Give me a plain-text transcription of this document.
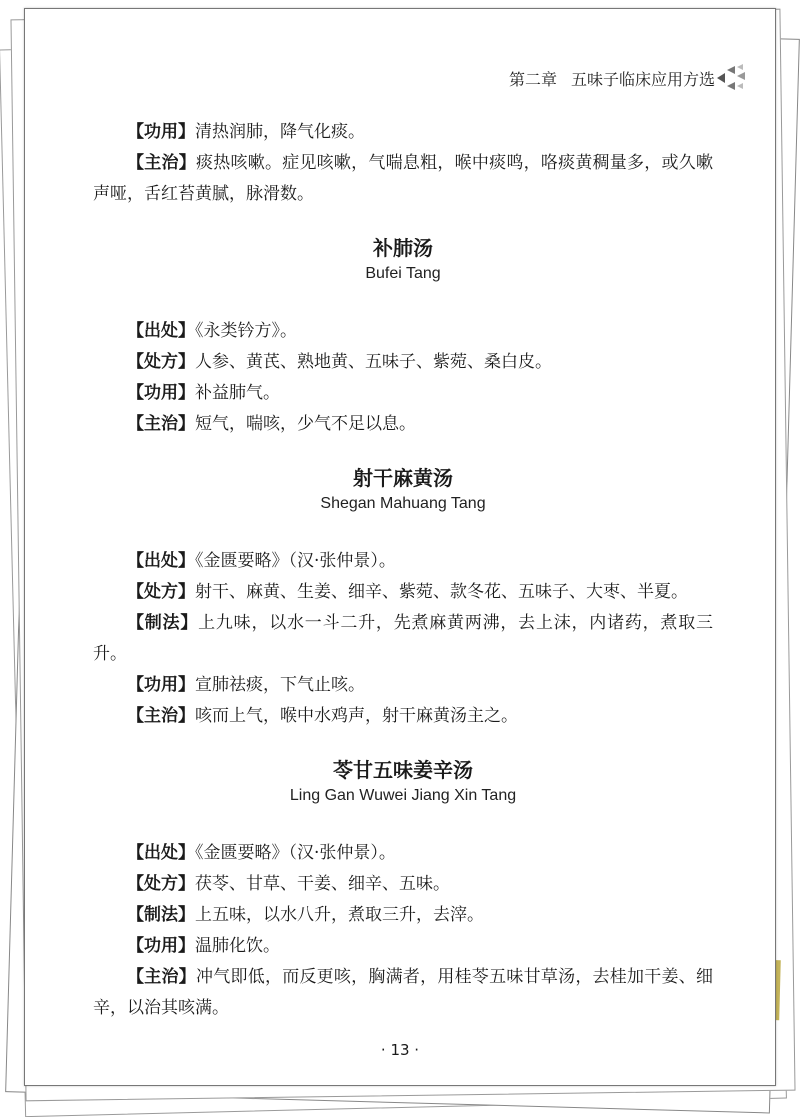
第二章 五味子临床应用方选

【功用】清热润肺，降气化痰。

【主治】痰热咳嗽。症见咳嗽，气喘息粗，喉中痰鸣，咯痰黄稠量多，或久嗽声哑，舌红苔黄腻，脉滑数。

补肺汤
Bufei Tang

【出处】《永类钤方》。

【处方】人参、黄芪、熟地黄、五味子、紫菀、桑白皮。

【功用】补益肺气。

【主治】短气，喘咳，少气不足以息。

射干麻黄汤
Shegan Mahuang Tang

【出处】《金匮要略》（汉·张仲景）。

【处方】射干、麻黄、生姜、细辛、紫菀、款冬花、五味子、大枣、半夏。

【制法】上九味，以水一斗二升，先煮麻黄两沸，去上沫，内诸药，煮取三升。

【功用】宣肺祛痰，下气止咳。

【主治】咳而上气，喉中水鸡声，射干麻黄汤主之。

苓甘五味姜辛汤
Ling Gan Wuwei Jiang Xin Tang

【出处】《金匮要略》（汉·张仲景）。

【处方】茯苓、甘草、干姜、细辛、五味。

【制法】上五味，以水八升，煮取三升，去滓。

【功用】温肺化饮。

【主治】冲气即低，而反更咳，胸满者，用桂苓五味甘草汤，去桂加干姜、细辛，以治其咳满。

· 13 ·
